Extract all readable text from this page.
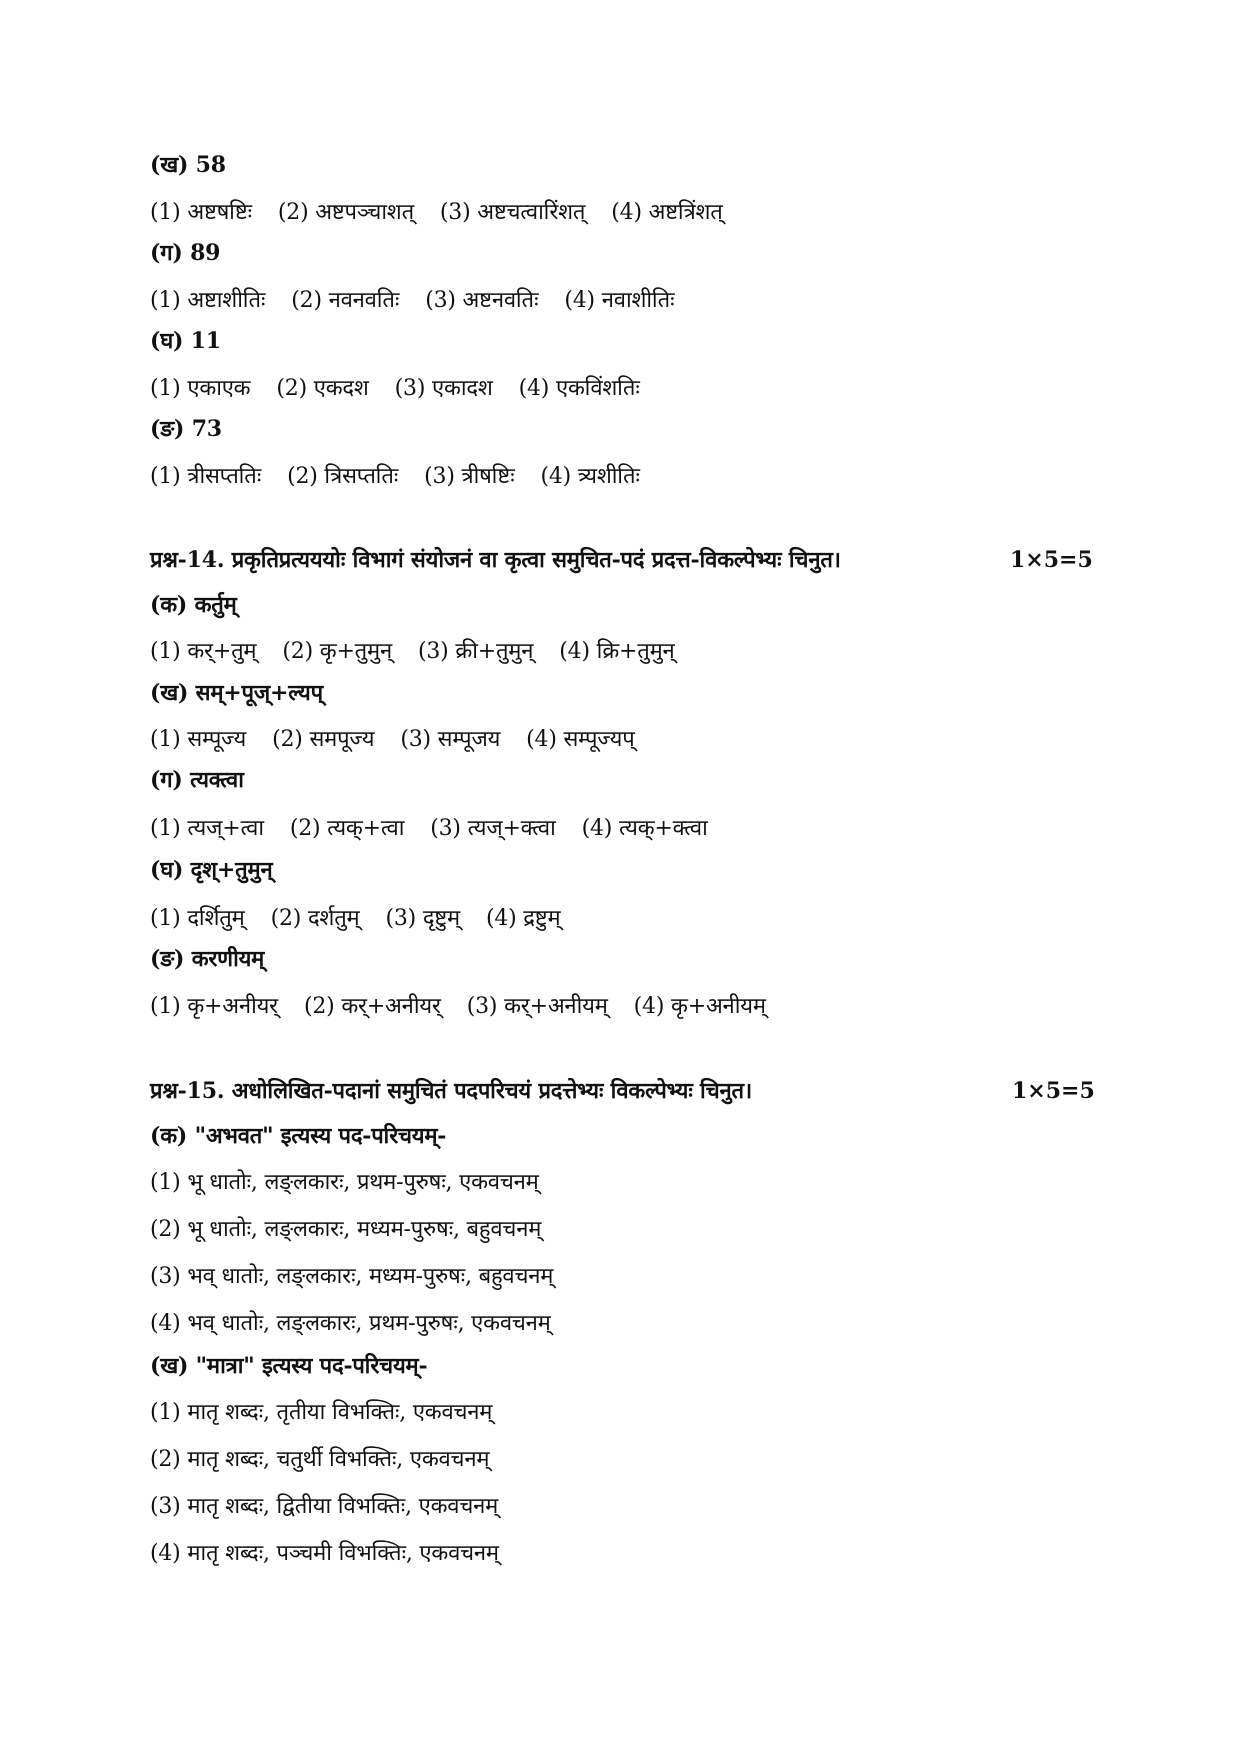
(ख) 58
(1) अष्टषष्टिः (2) अष्टपञ्चाशत् (3) अष्टचत्वारिंशत् (4) अष्टत्रिंशत्
(ग) 89
(1) अष्टाशीतिः (2) नवनवतिः (3) अष्टनवतिः (4) नवाशीतिः
(घ) 11
(1) एकाएक (2) एकदश (3) एकादश (4) एकविंशतिः
(ङ) 73
(1) त्रीसप्ततिः (2) त्रिसप्ततिः (3) त्रीषष्टिः (4) त्र्यशीतिः
प्रश्न-14. प्रकृतिप्रत्यययोः विभागं संयोजनं वा कृत्वा समुचित-पदं प्रदत्त-विकल्पेभ्यः चिनुत।	1×5=5
(क) कर्तुम्
(1) कर्+तुम् (2) कृ+तुमुन् (3) क्री+तुमुन् (4) क्रि+तुमुन्
(ख) सम्+पूज्+ल्यप्
(1) सम्पूज्य (2) समपूज्य (3) सम्पूजय (4) सम्पूज्यप्
(ग) त्यक्त्वा
(1) त्यज्+त्वा (2) त्यक्+त्वा (3) त्यज्+क्त्वा (4) त्यक्+क्त्वा
(घ) दृश्+तुमुन्
(1) दर्शितुम् (2) दर्शतुम् (3) दृष्टुम् (4) द्रष्टुम्
(ङ) करणीयम्
(1) कृ+अनीयर् (2) कर्+अनीयर् (3) कर्+अनीयम् (4) कृ+अनीयम्
प्रश्न-15. अधोलिखित-पदानां समुचितं पदपरिचयं प्रदत्तेभ्यः विकल्पेभ्यः चिनुत।	1×5=5
(क) "अभवत" इत्यस्य पद-परिचयम्-
(1) भू धातोः, लङ्लकारः, प्रथम-पुरुषः, एकवचनम्
(2) भू धातोः, लङ्लकारः, मध्यम-पुरुषः, बहुवचनम्
(3) भव् धातोः, लङ्लकारः, मध्यम-पुरुषः, बहुवचनम्
(4) भव् धातोः, लङ्लकारः, प्रथम-पुरुषः, एकवचनम्
(ख) "मात्रा" इत्यस्य पद-परिचयम्-
(1) मातृ शब्दः, तृतीया विभक्तिः, एकवचनम्
(2) मातृ शब्दः, चतुर्थी विभक्तिः, एकवचनम्
(3) मातृ शब्दः, द्वितीया विभक्तिः, एकवचनम्
(4) मातृ शब्दः, पञ्चमी विभक्तिः, एकवचनम्
